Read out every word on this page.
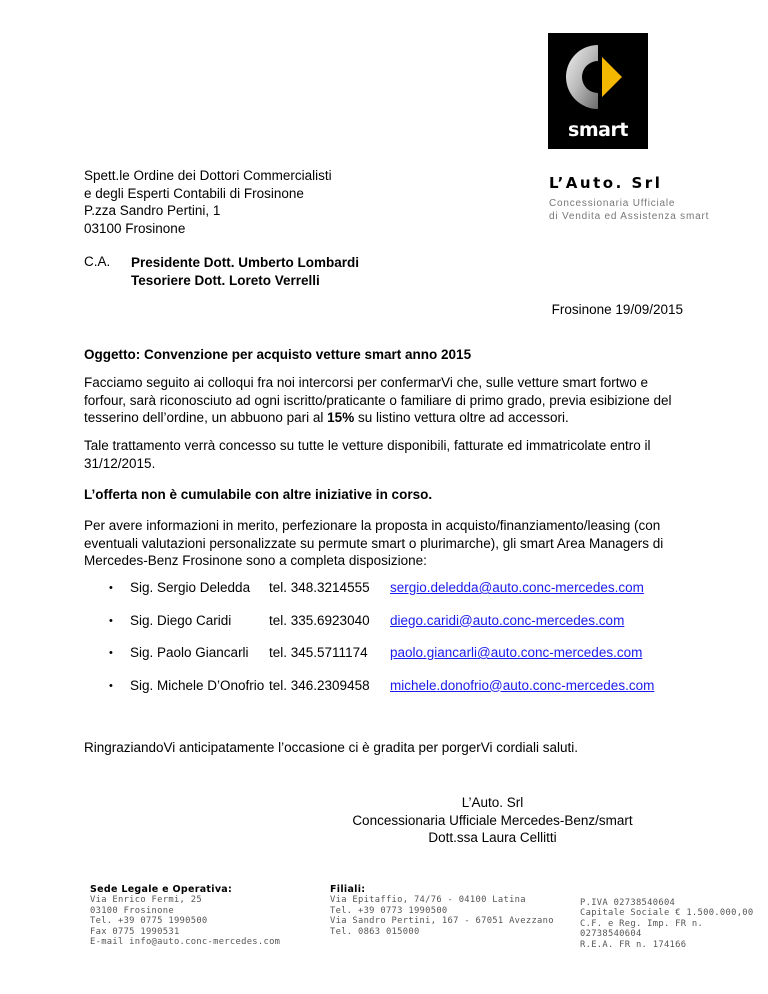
smart
Spett.le Ordine dei Dottori Commercialisti
e degli Esperti Contabili di Frosinone
P.zza Sandro Pertini, 1
03100 Frosinone
L’Auto. Srl
Concessionaria Ufficiale
di Vendita ed Assistenza smart
C.A. Presidente Dott. Umberto Lombardi
Tesoriere Dott. Loreto Verrelli
Frosinone 19/09/2015
Oggetto: Convenzione per acquisto vetture smart anno 2015
Facciamo seguito ai colloqui fra noi intercorsi per confermarVi che, sulle vetture smart fortwo e forfour, sarà riconosciuto ad ogni iscritto/praticante o familiare di primo grado, previa esibizione del tesserino dell’ordine, un abbuono pari al 15% su listino vettura oltre ad accessori.
Tale trattamento verrà concesso su tutte le vetture disponibili, fatturate ed immatricolate entro il 31/12/2015.
L’offerta non è cumulabile con altre iniziative in corso.
Per avere informazioni in merito, perfezionare la proposta in acquisto/finanziamento/leasing (con eventuali valutazioni personalizzate su permute smart o plurimarche), gli smart Area Managers di Mercedes-Benz Frosinone sono a completa disposizione:
• Sig. Sergio Deledda tel. 348.3214555 sergio.deledda@auto.conc-mercedes.com
• Sig. Diego Caridi	tel. 335.6923040 diego.caridi@auto.conc-mercedes.com
• Sig. Paolo Giancarli tel. 345.5711174 paolo.giancarli@auto.conc-mercedes.com
• Sig. Michele D’Onofrio tel. 346.2309458 michele.donofrio@auto.conc-mercedes.com
RingraziandoVi anticipatamente l’occasione ci è gradita per porgerVi cordiali saluti.
L’Auto. Srl
Concessionaria Ufficiale Mercedes-Benz/smart
Dott.ssa Laura Cellitti
Sede Legale e Operativa:
Via Enrico Fermi, 25
03100 Frosinone
Tel. +39 0775 1990500
Fax 0775 1990531
E-mail info@auto.conc-mercedes.com
Filiali:
Via Epitaffio, 74/76 - 04100 Latina
Tel. +39 0773 1990500
Via Sandro Pertini, 167 - 67051 Avezzano
Tel. 0863 015000
P.IVA 02738540604
Capitale Sociale € 1.500.000,00
C.F. e Reg. Imp. FR n. 02738540604
R.E.A. FR n. 174166
